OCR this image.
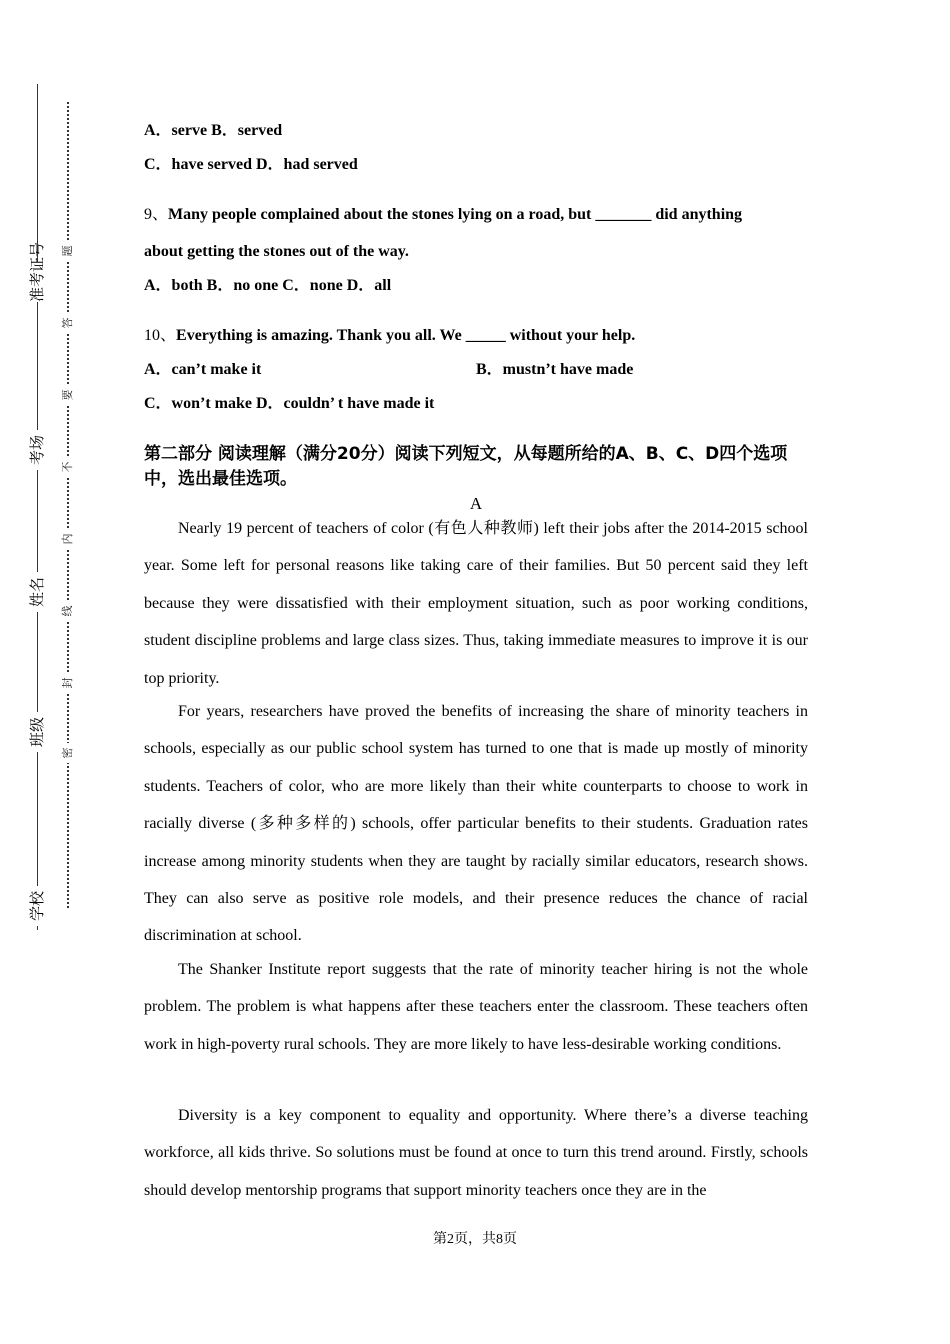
准考证号
考场
姓名
班级
学校
题
答
要
不
内
线
封
密
A．serve B．served
C．have served D．had served
9、Many people complained about the stones lying on a road, but _______ did anything
about getting the stones out of the way.
A．both B．no one C．none D．all
10、Everything is amazing. Thank you all. We _____ without your help.
A．can’t make it	B．mustn’t have made
C．won’t make D．couldn’ t have made it
第二部分 阅读理解（满分20分）阅读下列短文，从每题所给的A、B、C、D四个选项中，选出最佳选项。
A
Nearly 19 percent of teachers of color (有色人种教师) left their jobs after the 2014-2015 school year. Some left for personal reasons like taking care of their families. But 50 percent said they left because they were dissatisfied with their employment situation, such as poor working conditions, student discipline problems and large class sizes. Thus, taking immediate measures to improve it is our top priority.
For years, researchers have proved the benefits of increasing the share of minority teachers in schools, especially as our public school system has turned to one that is made up mostly of minority students. Teachers of color, who are more likely than their white counterparts to choose to work in racially diverse (多种多样的) schools, offer particular benefits to their students. Graduation rates increase among minority students when they are taught by racially similar educators, research shows. They can also serve as positive role models, and their presence reduces the chance of racial discrimination at school.
The Shanker Institute report suggests that the rate of minority teacher hiring is not the whole problem. The problem is what happens after these teachers enter the classroom. These teachers often work in high-poverty rural schools. They are more likely to have less-desirable working conditions.
Diversity is a key component to equality and opportunity. Where there’s a diverse teaching workforce, all kids thrive. So solutions must be found at once to turn this trend around. Firstly, schools should develop mentorship programs that support minority teachers once they are in the
第2页，共8页
